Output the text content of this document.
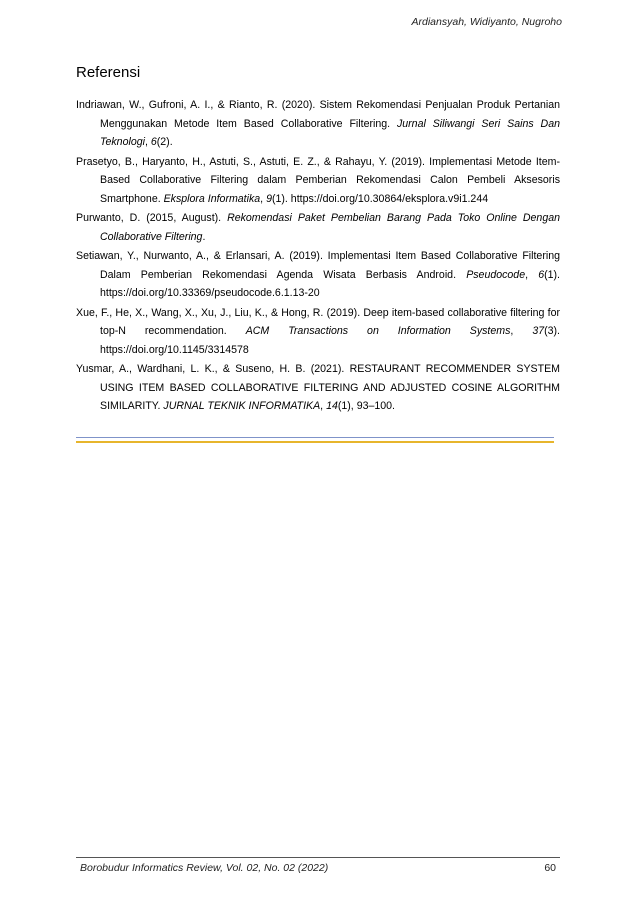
Ardiansyah, Widiyanto, Nugroho
Referensi
Indriawan, W., Gufroni, A. I., & Rianto, R. (2020). Sistem Rekomendasi Penjualan Produk Pertanian Menggunakan Metode Item Based Collaborative Filtering. Jurnal Siliwangi Seri Sains Dan Teknologi, 6(2).
Prasetyo, B., Haryanto, H., Astuti, S., Astuti, E. Z., & Rahayu, Y. (2019). Implementasi Metode Item-Based Collaborative Filtering dalam Pemberian Rekomendasi Calon Pembeli Aksesoris Smartphone. Eksplora Informatika, 9(1). https://doi.org/10.30864/eksplora.v9i1.244
Purwanto, D. (2015, August). Rekomendasi Paket Pembelian Barang Pada Toko Online Dengan Collaborative Filtering.
Setiawan, Y., Nurwanto, A., & Erlansari, A. (2019). Implementasi Item Based Collaborative Filtering Dalam Pemberian Rekomendasi Agenda Wisata Berbasis Android. Pseudocode, 6(1). https://doi.org/10.33369/pseudocode.6.1.13-20
Xue, F., He, X., Wang, X., Xu, J., Liu, K., & Hong, R. (2019). Deep item-based collaborative filtering for top-N recommendation. ACM Transactions on Information Systems, 37(3). https://doi.org/10.1145/3314578
Yusmar, A., Wardhani, L. K., & Suseno, H. B. (2021). RESTAURANT RECOMMENDER SYSTEM USING ITEM BASED COLLABORATIVE FILTERING AND ADJUSTED COSINE ALGORITHM SIMILARITY. JURNAL TEKNIK INFORMATIKA, 14(1), 93–100.
Borobudur Informatics Review, Vol. 02, No. 02 (2022)	60
